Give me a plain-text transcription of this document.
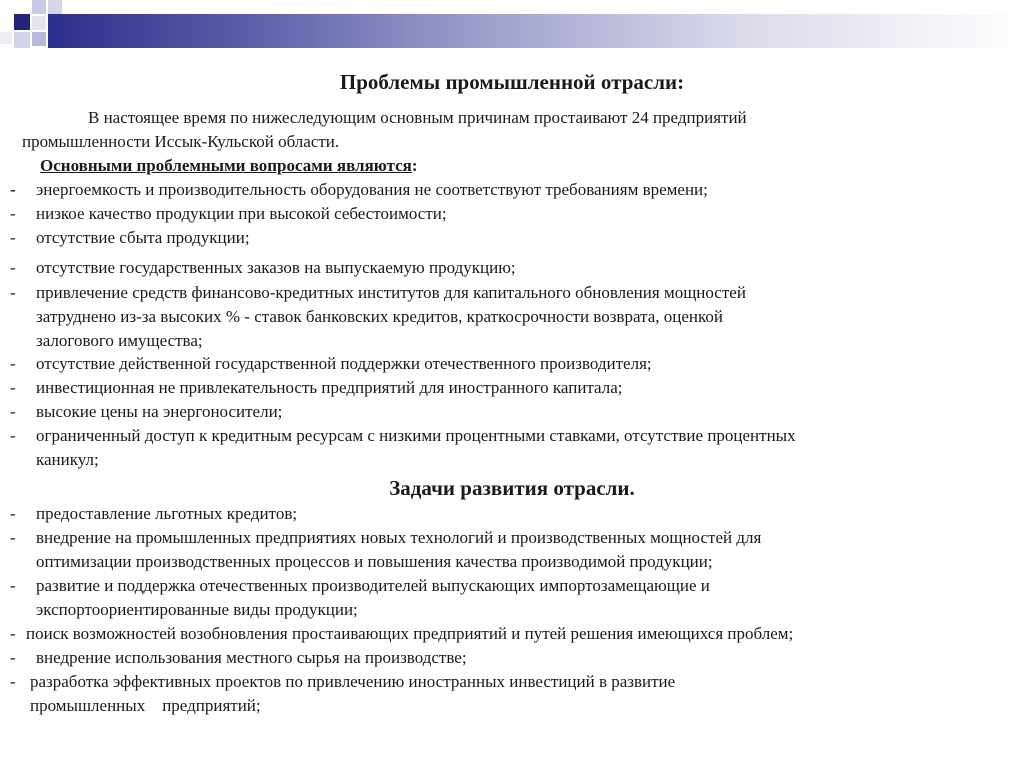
Проблемы промышленной отрасли:
В настоящее время по нижеследующим основным причинам простаивают 24 предприятий
промышленности Иссык-Кульской области.
Основными проблемными вопросами являются:
- энергоемкость и производительность оборудования не соответствуют требованиям времени;
- низкое качество продукции при высокой себестоимости;
- отсутствие сбыта продукции;
- отсутствие государственных заказов на выпускаемую продукцию;
- привлечение средств финансово-кредитных институтов для капитального обновления мощностей
затруднено из-за высоких % - ставок банковских кредитов, краткосрочности возврата, оценкой
залогового имущества;
- отсутствие действенной государственной поддержки отечественного производителя;
- инвестиционная не привлекательность предприятий для иностранного капитала;
- высокие цены на энергоносители;
- ограниченный доступ к кредитным ресурсам с низкими процентными ставками, отсутствие процентных
каникул;
Задачи развития отрасли.
- предоставление льготных кредитов;
- внедрение на промышленных предприятиях новых технологий и производственных мощностей для
оптимизации производственных процессов и повышения качества производимой продукции;
- развитие и поддержка отечественных производителей выпускающих импортозамещающие и
экспортоориентированные виды продукции;
- поиск возможностей возобновления простаивающих предприятий и путей решения имеющихся проблем;
- внедрение использования местного сырья на производстве;
- разработка эффективных проектов по привлечению иностранных инвестиций в развитие
промышленных    предприятий;
